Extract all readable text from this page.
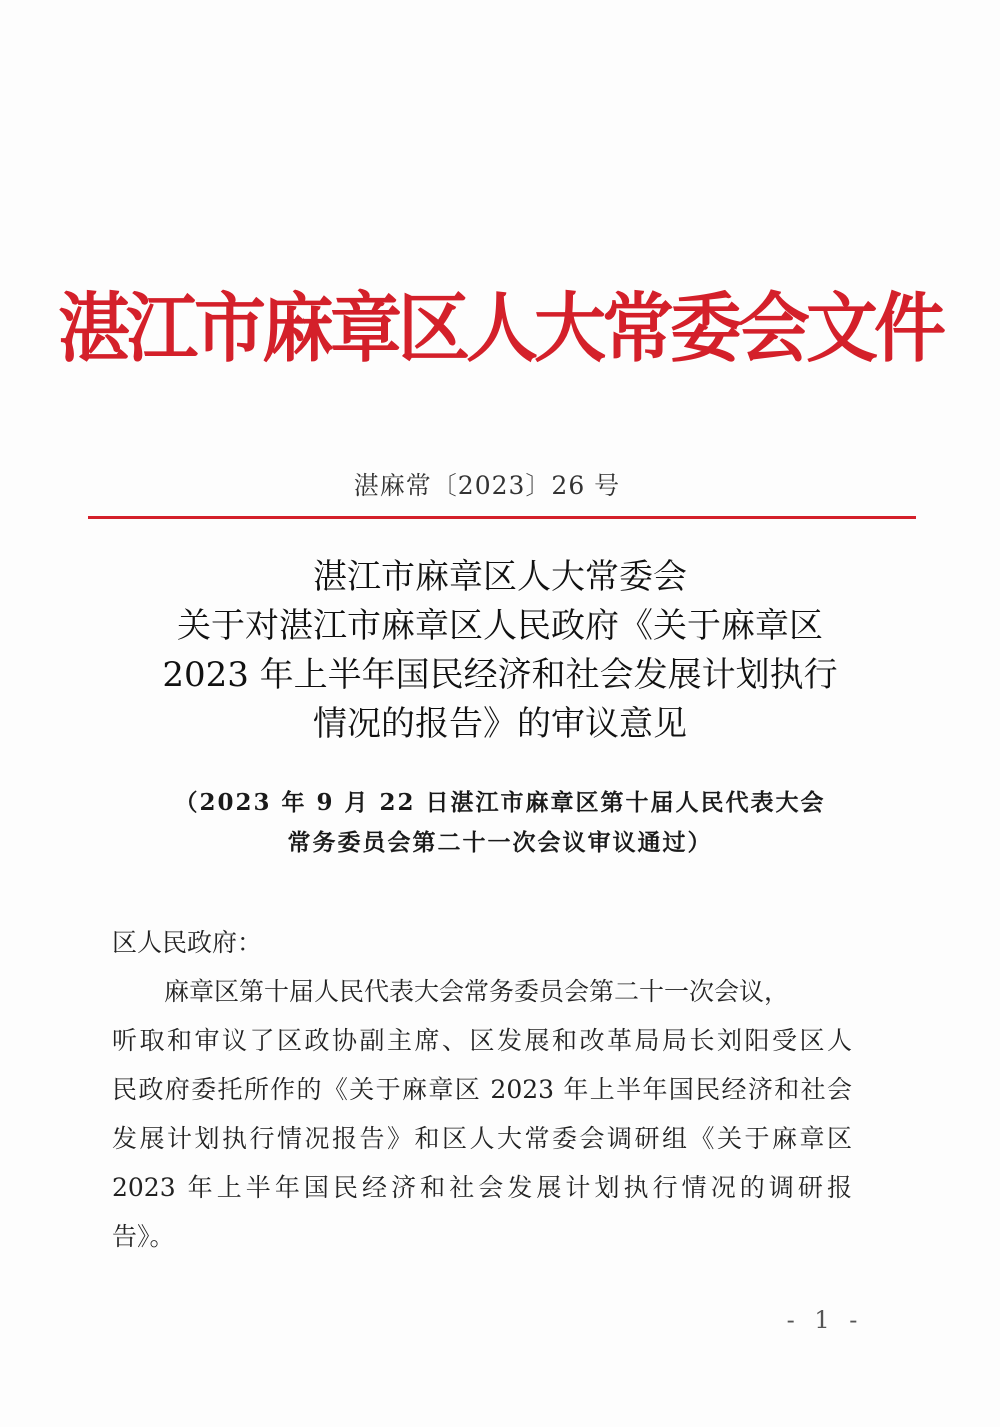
湛江市麻章区人大常委会文件
湛麻常〔2023〕26 号
湛江市麻章区人大常委会
关于对湛江市麻章区人民政府《关于麻章区
2023 年上半年国民经济和社会发展计划执行
情况的报告》的审议意见
（2023 年 9 月 22 日湛江市麻章区第十届人民代表大会
常务委员会第二十一次会议审议通过）
区人民政府：
麻章区第十届人民代表大会常务委员会第二十一次会议，
听取和审议了区政协副主席、区发展和改革局局长刘阳受区人
民政府委托所作的《关于麻章区 2023 年上半年国民经济和社会
发展计划执行情况报告》和区人大常委会调研组《关于麻章区
2023 年上半年国民经济和社会发展计划执行情况的调研报
告》。
- 1 -
